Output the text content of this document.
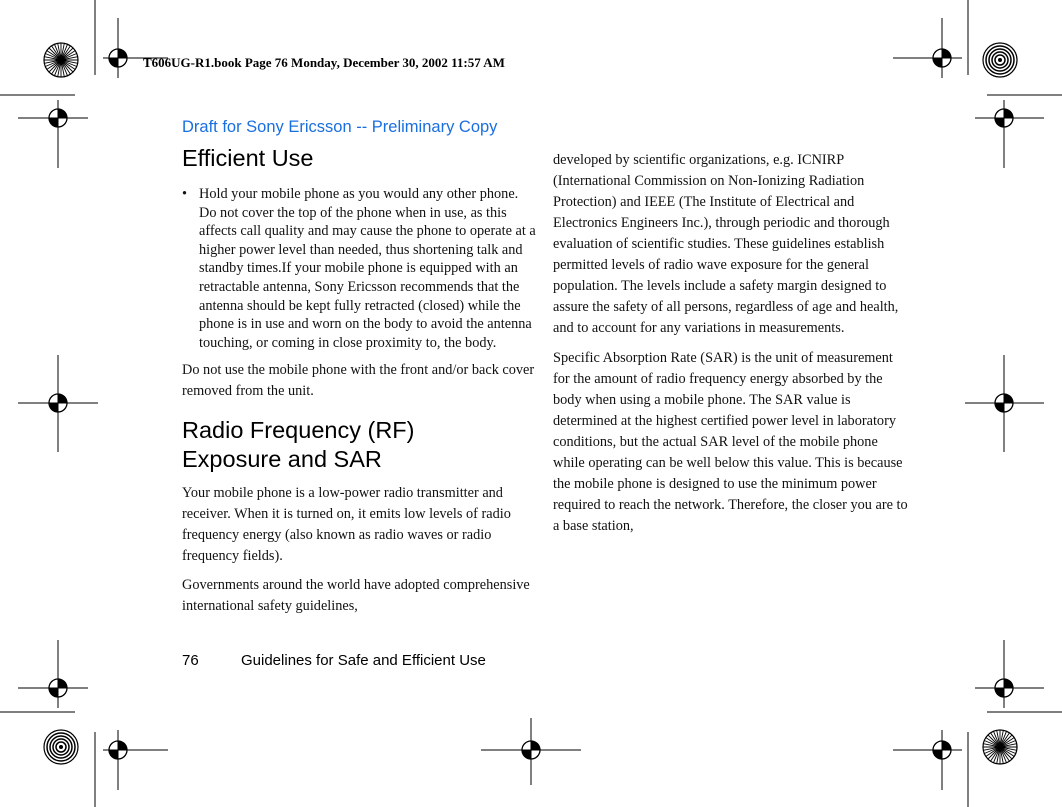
T606UG-R1.book Page 76 Monday, December 30, 2002 11:57 AM
Draft for Sony Ericsson -- Preliminary Copy
Efficient Use
• Hold your mobile phone as you would any other phone. Do not cover the top of the phone when in use, as this affects call quality and may cause the phone to operate at a higher power level than needed, thus shortening talk and standby times.If your mobile phone is equipped with an retractable antenna, Sony Ericsson recommends that the antenna should be kept fully retracted (closed) while the phone is in use and worn on the body to avoid the antenna touching, or coming in close proximity to, the body.

Do not use the mobile phone with the front and/or back cover removed from the unit.

Radio Frequency (RF)
Exposure and SAR

Your mobile phone is a low-power radio transmitter and receiver. When it is turned on, it emits low levels of radio frequency energy (also known as radio waves or radio frequency fields).

Governments around the world have adopted comprehensive international safety guidelines,

developed by scientific organizations, e.g. ICNIRP (International Commission on Non-Ionizing Radiation Protection) and IEEE (The Institute of Electrical and Electronics Engineers Inc.), through periodic and thorough evaluation of scientific studies. These guidelines establish permitted levels of radio wave exposure for the general population. The levels include a safety margin designed to assure the safety of all persons, regardless of age and health, and to account for any variations in measurements.

Specific Absorption Rate (SAR) is the unit of measurement for the amount of radio frequency energy absorbed by the body when using a mobile phone. The SAR value is determined at the highest certified power level in laboratory conditions, but the actual SAR level of the mobile phone while operating can be well below this value. This is because the mobile phone is designed to use the minimum power required to reach the network. Therefore, the closer you are to a base station,

76	Guidelines for Safe and Efficient Use
